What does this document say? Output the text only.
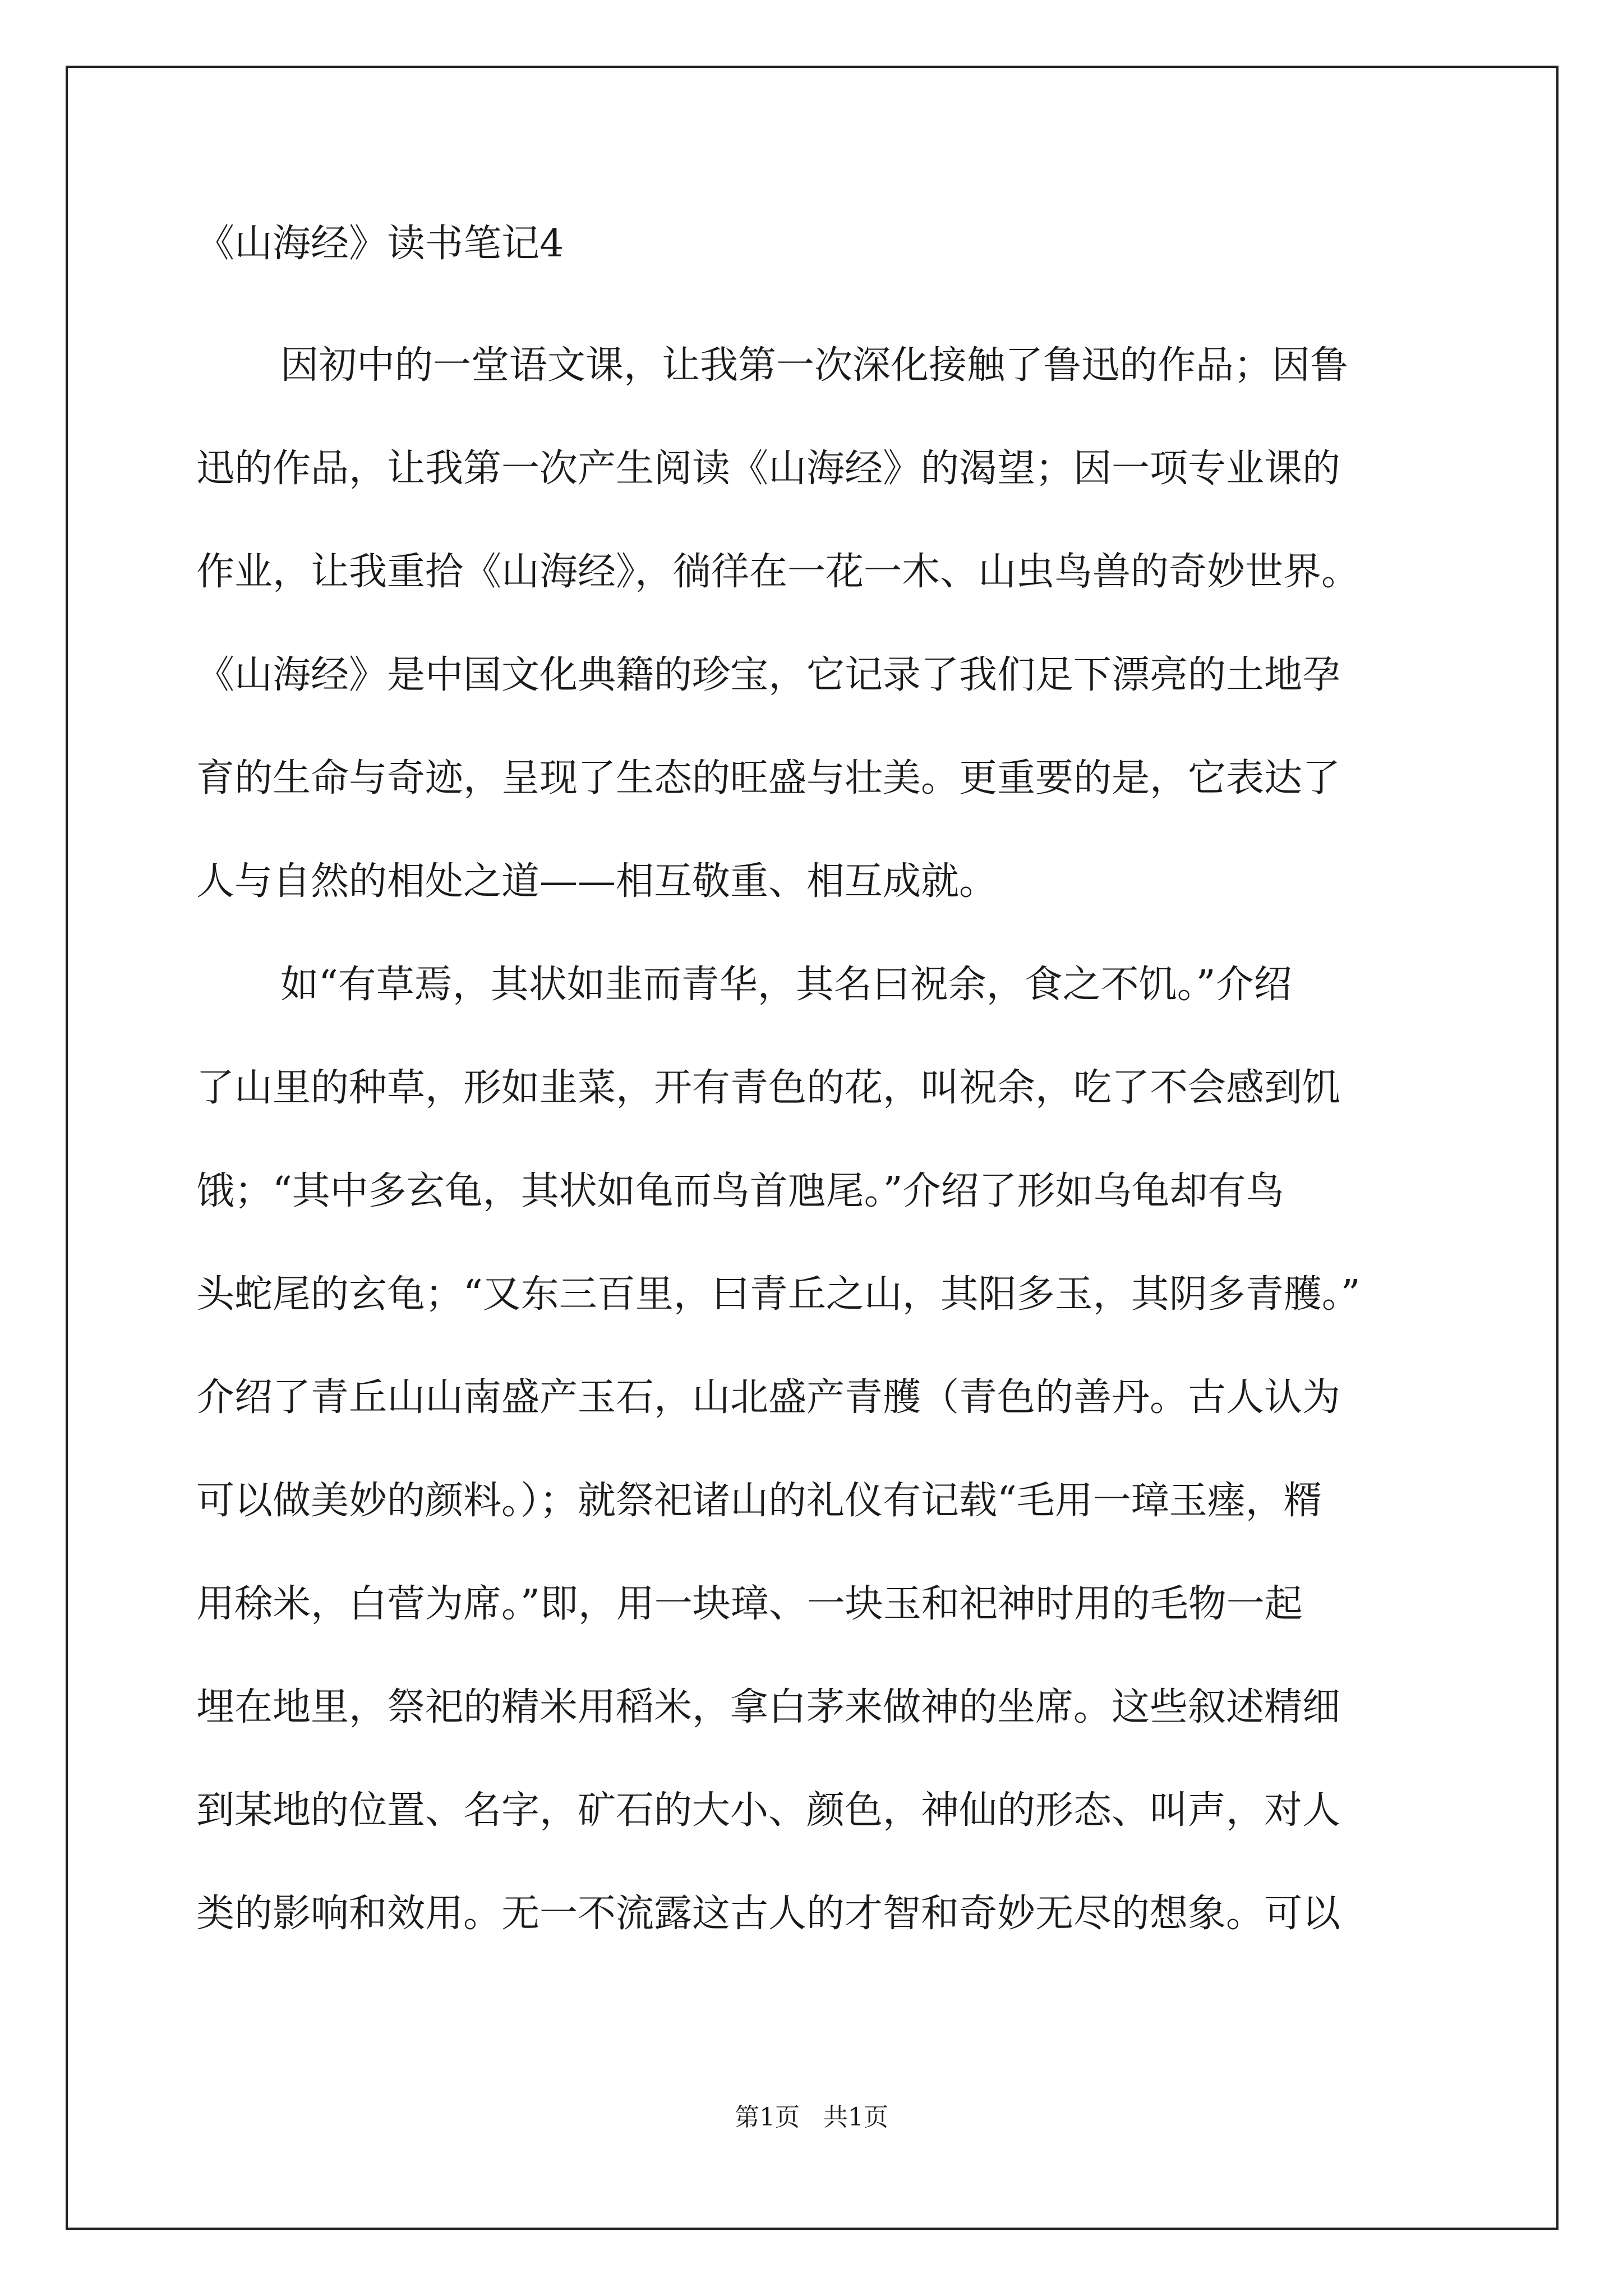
《山海经》读书笔记4
因初中的一堂语文课，让我第一次深化接触了鲁迅的作品；因鲁
迅的作品，让我第一次产生阅读《山海经》的渴望；因一项专业课的
作业，让我重拾《山海经》，徜徉在一花一木、山虫鸟兽的奇妙世界。
《山海经》是中国文化典籍的珍宝，它记录了我们足下漂亮的土地孕
育的生命与奇迹，呈现了生态的旺盛与壮美。更重要的是，它表达了
人与自然的相处之道——相互敬重、相互成就。
如“有草焉，其状如韭而青华，其名曰祝余，食之不饥。”介绍
了山里的种草，形如韭菜，开有青色的花，叫祝余，吃了不会感到饥
饿；“其中多玄龟，其状如龟而鸟首虺尾。”介绍了形如乌龟却有鸟
头蛇尾的玄龟；“又东三百里，曰青丘之山，其阳多玉，其阴多青雘。”
介绍了青丘山山南盛产玉石，山北盛产青雘（青色的善丹。古人认为
可以做美妙的颜料。）；就祭祀诸山的礼仪有记载“毛用一璋玉瘗，糈
用稌米，白菅为席。”即，用一块璋、一块玉和祀神时用的毛物一起
埋在地里，祭祀的精米用稻米，拿白茅来做神的坐席。这些叙述精细
到某地的位置、名字，矿石的大小、颜色，神仙的形态、叫声，对人
类的影响和效用。无一不流露这古人的才智和奇妙无尽的想象。可以
第1页   共1页
